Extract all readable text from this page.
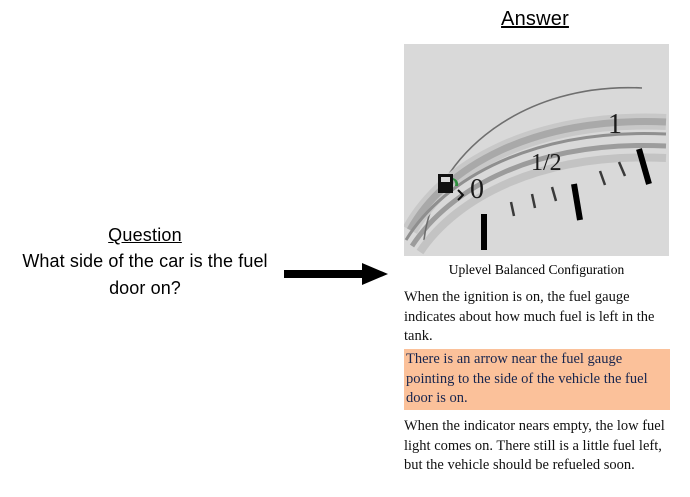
Question
What side of the car is the fuel door on?
Answer
0
1/2
1
Uplevel Balanced Configuration
When the ignition is on, the fuel gauge indicates about how much fuel is left in the tank.
There is an arrow near the fuel gauge pointing to the side of the vehicle the fuel door is on.
When the indicator nears empty, the low fuel light comes on. There still is a little fuel left, but the vehicle should be refueled soon.
